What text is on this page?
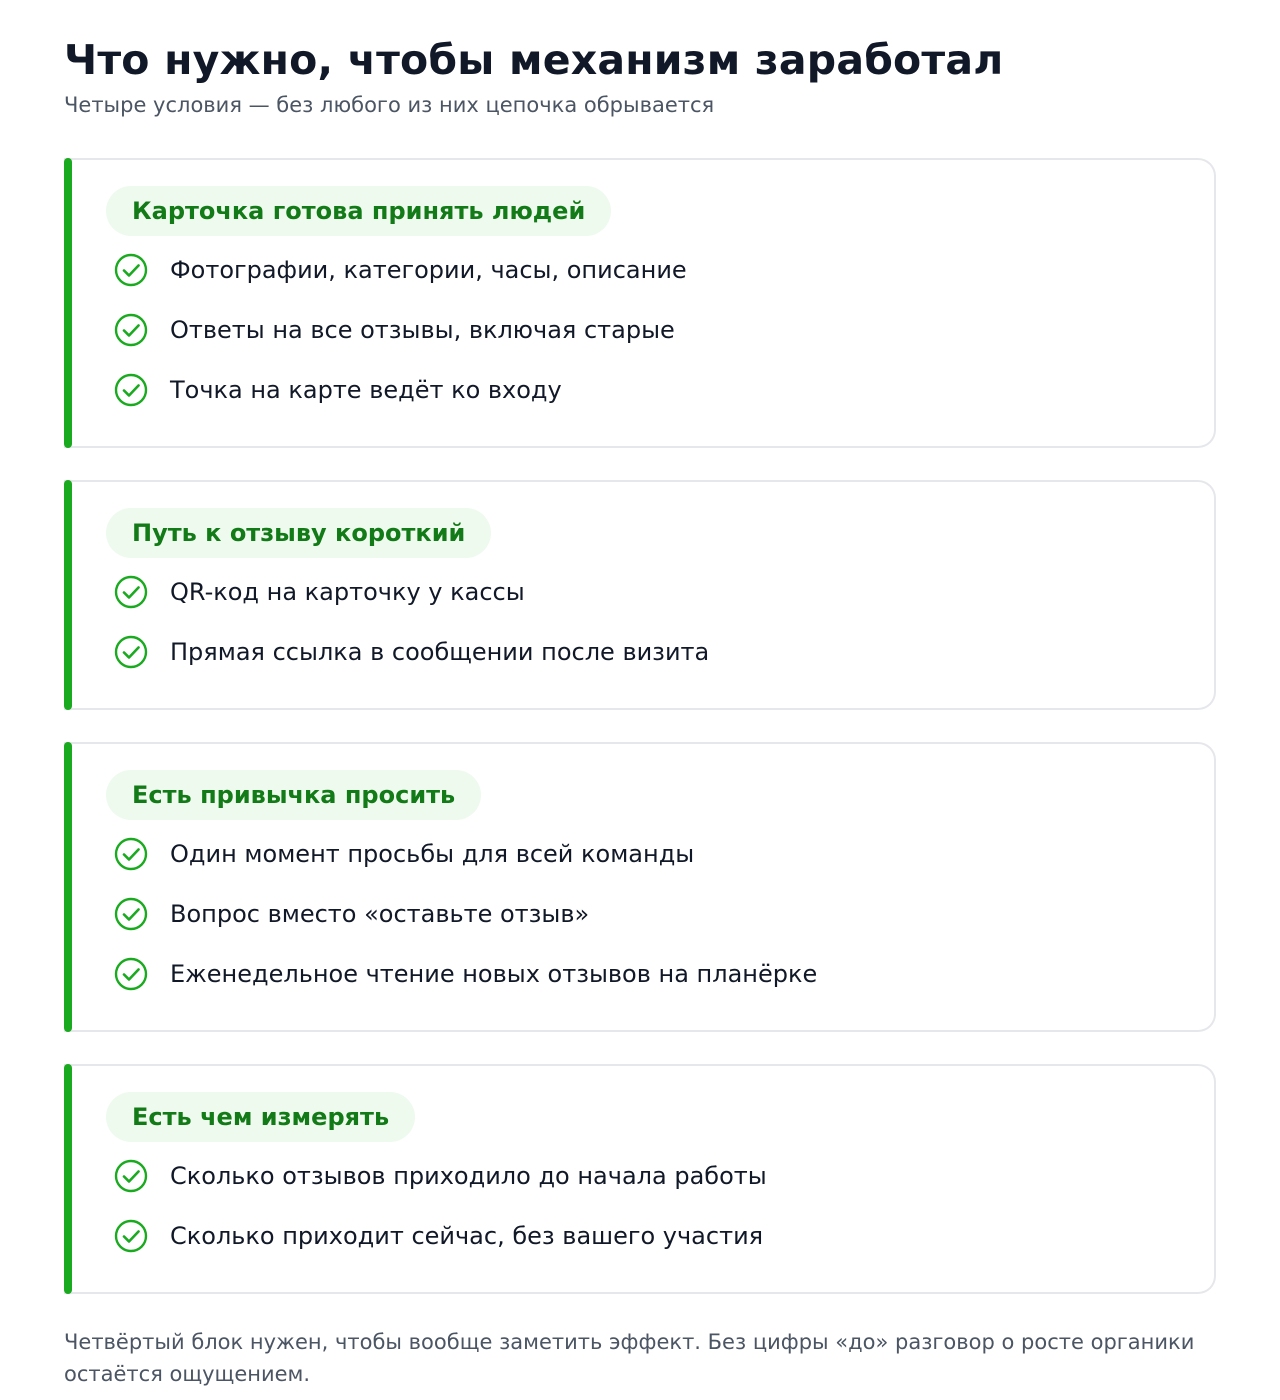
Что нужно, чтобы механизм заработал

Четыре условия — без любого из них цепочка обрывается

Карточка готова принять людей
Фотографии, категории, часы, описание
Ответы на все отзывы, включая старые
Точка на карте ведёт ко входу
Путь к отзыву короткий
QR-код на карточку у кассы
Прямая ссылка в сообщении после визита
Есть привычка просить
Один момент просьбы для всей команды
Вопрос вместо «оставьте отзыв»
Еженедельное чтение новых отзывов на планёрке
Есть чем измерять
Сколько отзывов приходило до начала работы
Сколько приходит сейчас, без вашего участия

Четвёртый блок нужен, чтобы вообще заметить эффект. Без цифры «до» разговор о росте органики остаётся ощущением.
